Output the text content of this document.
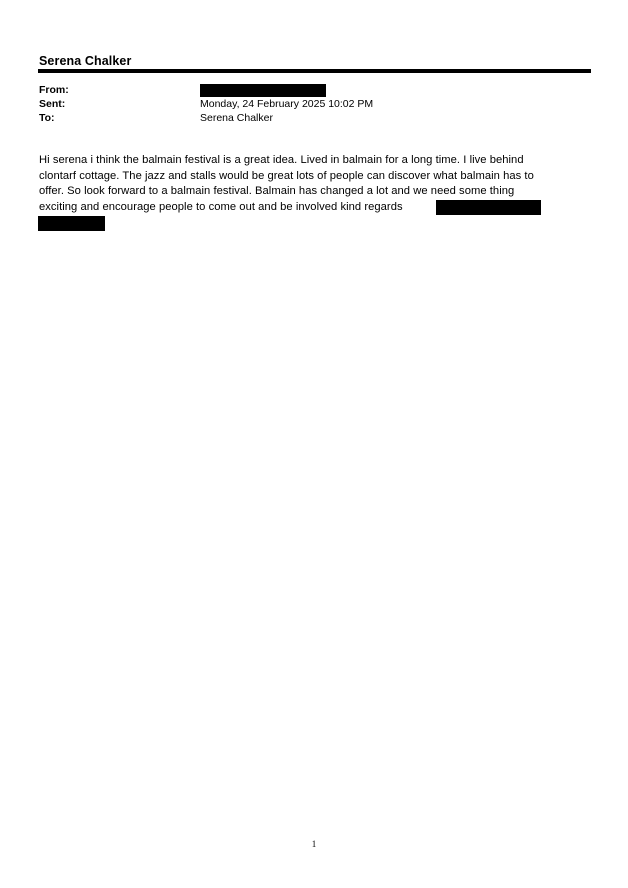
Serena Chalker
From:
Sent:	Monday, 24 February 2025 10:02 PM
To:	Serena Chalker
Hi serena i think the balmain festival is a great idea. Lived in balmain for a long time. I live behind
clontarf cottage. The jazz and stalls would be great lots of people can discover what balmain has to
offer. So look forward to a balmain festival. Balmain has changed a lot and we need some thing
exciting and encourage people to come out and be involved kind regards
1
